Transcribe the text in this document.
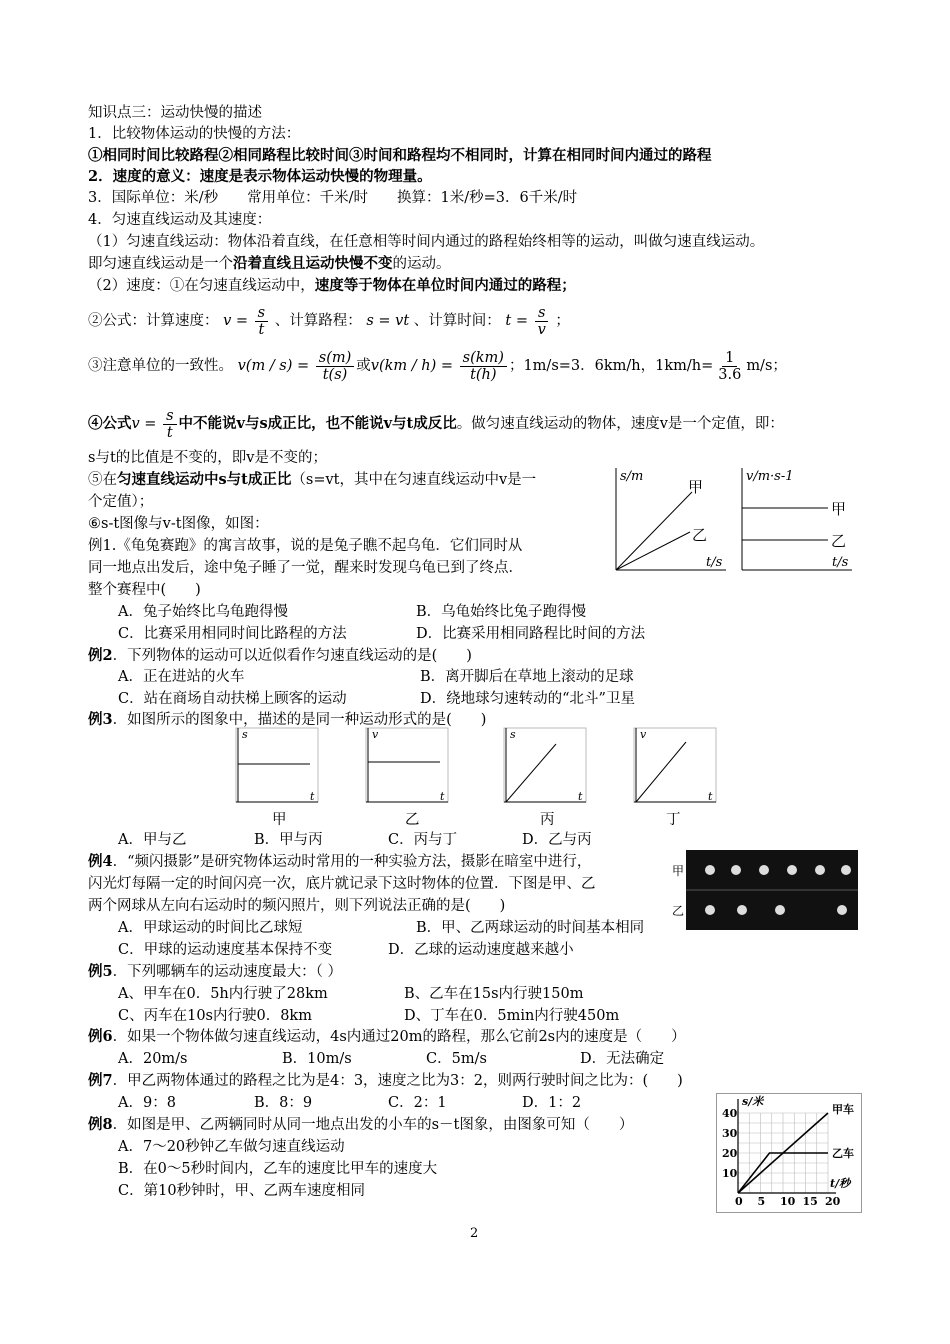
知识点三：运动快慢的描述
1．比较物体运动的快慢的方法：
①相同时间比较路程②相同路程比较时间③时间和路程均不相同时，计算在相同时间内通过的路程
2．速度的意义：速度是表示物体运动快慢的物理量。
3．国际单位：米/秒　　常用单位：千米/时　　换算：1米/秒=3．6千米/时
4．匀速直线运动及其速度：
（1）匀速直线运动：物体沿着直线，在任意相等时间内通过的路程始终相等的运动，叫做匀速直线运动。
即匀速直线运动是一个沿着直线且运动快慢不变的运动。
（2）速度：①在匀速直线运动中，速度等于物体在单位时间内通过的路程；
②公式：计算速度： $v = \frac{s}{t}$ 、计算路程： s = vt 、计算时间： $t = \frac{s}{v}$ ；
③注意单位的一致性。 $v(m / s) = \frac{s(m)}{t(s)}$ 或$v(km / h) = \frac{s(km)}{t(h)}$ ；1m/s=3．6km/h，$1km/h= \frac{1}{3.6} m/s$；
④公式$v = \frac{s}{t}$ 中不能说v与s成正比，也不能说v与t成反比。做匀速直线运动的物体，速度v是一个定值，即：
s与t的比值是不变的，即v是不变的；
⑤在匀速直线运动中s与t成正比（s=vt，其中在匀速直线运动中v是一
个定值）；
⑥s-t图像与v-t图像，如图：
s/m
t/s
甲
乙
v/m·s-1
t/s
甲
乙
例1.《龟兔赛跑》的寓言故事，说的是兔子瞧不起乌龟．它们同时从
同一地点出发后，途中兔子睡了一觉，醒来时发现乌龟已到了终点．
整个赛程中(　　)
A．兔子始终比乌龟跑得慢	B．乌龟始终比兔子跑得慢
C．比赛采用相同时间比路程的方法	D．比赛采用相同路程比时间的方法
例2．下列物体的运动可以近似看作匀速直线运动的是(　　)
A．正在进站的火车	B．离开脚后在草地上滚动的足球
C．站在商场自动扶梯上顾客的运动	D．绕地球匀速转动的“北斗”卫星
例3．如图所示的图象中，描述的是同一种运动形式的是(　　)
s
t
v
t
s
t
v
t
甲	乙	丙	丁
A．甲与乙	B．甲与丙	C．丙与丁	D．乙与丙
例4．“频闪摄影”是研究物体运动时常用的一种实验方法，摄影在暗室中进行，
闪光灯每隔一定的时间闪亮一次，底片就记录下这时物体的位置．下图是甲、乙
两个网球从左向右运动时的频闪照片，则下列说法正确的是(　　)
A．甲球运动的时间比乙球短	B．甲、乙两球运动的时间基本相同
C．甲球的运动速度基本保持不变	D．乙球的运动速度越来越小
甲
乙
例5．下列哪辆车的运动速度最大：（ ）
A、甲车在0．5h内行驶了28km	B、乙车在15s内行驶150m
C、丙车在10s内行驶0．8km	D、丁车在0．5min内行驶450m
例6．如果一个物体做匀速直线运动，4s内通过20m的路程，那么它前2s内的速度是（　　）
A．20m/s	B．10m/s	C．5m/s	D．无法确定
例7．甲乙两物体通过的路程之比为是4：3，速度之比为3：2，则两行驶时间之比为：(　　)
A．9：8	B．8：9	C．2：1	D．1：2
例8．如图是甲、乙两辆同时从同一地点出发的小车的s－t图象，由图象可知（　　）
A．7～20秒钟乙车做匀速直线运动
B．在0～5秒时间内，乙车的速度比甲车的速度大
C．第10秒钟时，甲、乙两车速度相同
0 5 10 15 20
10
20
30
40
s/米
t/秒
甲车
乙车
2
